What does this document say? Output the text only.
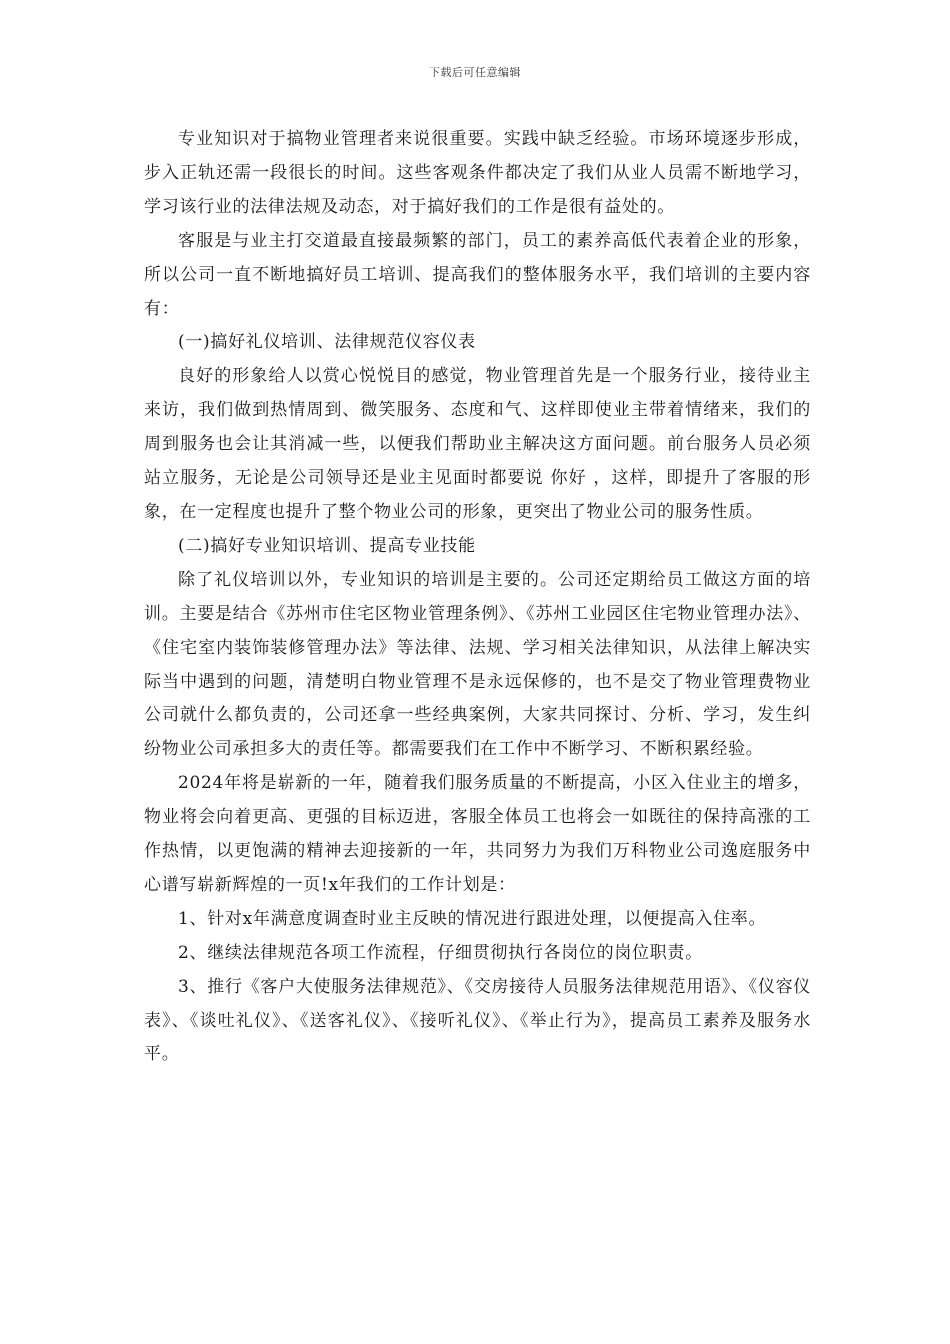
下载后可任意编辑

专业知识对于搞物业管理者来说很重要。实践中缺乏经验。市场环境逐步形成，步入正轨还需一段很长的时间。这些客观条件都决定了我们从业人员需不断地学习，学习该行业的法律法规及动态，对于搞好我们的工作是很有益处的。

客服是与业主打交道最直接最频繁的部门，员工的素养高低代表着企业的形象，所以公司一直不断地搞好员工培训、提高我们的整体服务水平，我们培训的主要内容有：

(一)搞好礼仪培训、法律规范仪容仪表

良好的形象给人以赏心悦悦目的感觉，物业管理首先是一个服务行业，接待业主来访，我们做到热情周到、微笑服务、态度和气、这样即使业主带着情绪来，我们的周到服务也会让其消减一些，以便我们帮助业主解决这方面问题。前台服务人员必须站立服务，无论是公司领导还是业主见面时都要说 你好 ，这样，即提升了客服的形象，在一定程度也提升了整个物业公司的形象，更突出了物业公司的服务性质。

(二)搞好专业知识培训、提高专业技能

除了礼仪培训以外，专业知识的培训是主要的。公司还定期给员工做这方面的培训。主要是结合《苏州市住宅区物业管理条例》、《苏州工业园区住宅物业管理办法》、《住宅室内装饰装修管理办法》等法律、法规、学习相关法律知识，从法律上解决实际当中遇到的问题，清楚明白物业管理不是永远保修的，也不是交了物业管理费物业公司就什么都负责的，公司还拿一些经典案例，大家共同探讨、分析、学习，发生纠纷物业公司承担多大的责任等。都需要我们在工作中不断学习、不断积累经验。

2024年将是崭新的一年，随着我们服务质量的不断提高，小区入住业主的增多，物业将会向着更高、更强的目标迈进，客服全体员工也将会一如既往的保持高涨的工作热情，以更饱满的精神去迎接新的一年，共同努力为我们万科物业公司逸庭服务中心谱写崭新辉煌的一页!x年我们的工作计划是：

1、针对x年满意度调查时业主反映的情况进行跟进处理，以便提高入住率。

2、继续法律规范各项工作流程，仔细贯彻执行各岗位的岗位职责。

3、推行《客户大使服务法律规范》、《交房接待人员服务法律规范用语》、《仪容仪表》、《谈吐礼仪》、《送客礼仪》、《接听礼仪》、《举止行为》，提高员工素养及服务水平。
